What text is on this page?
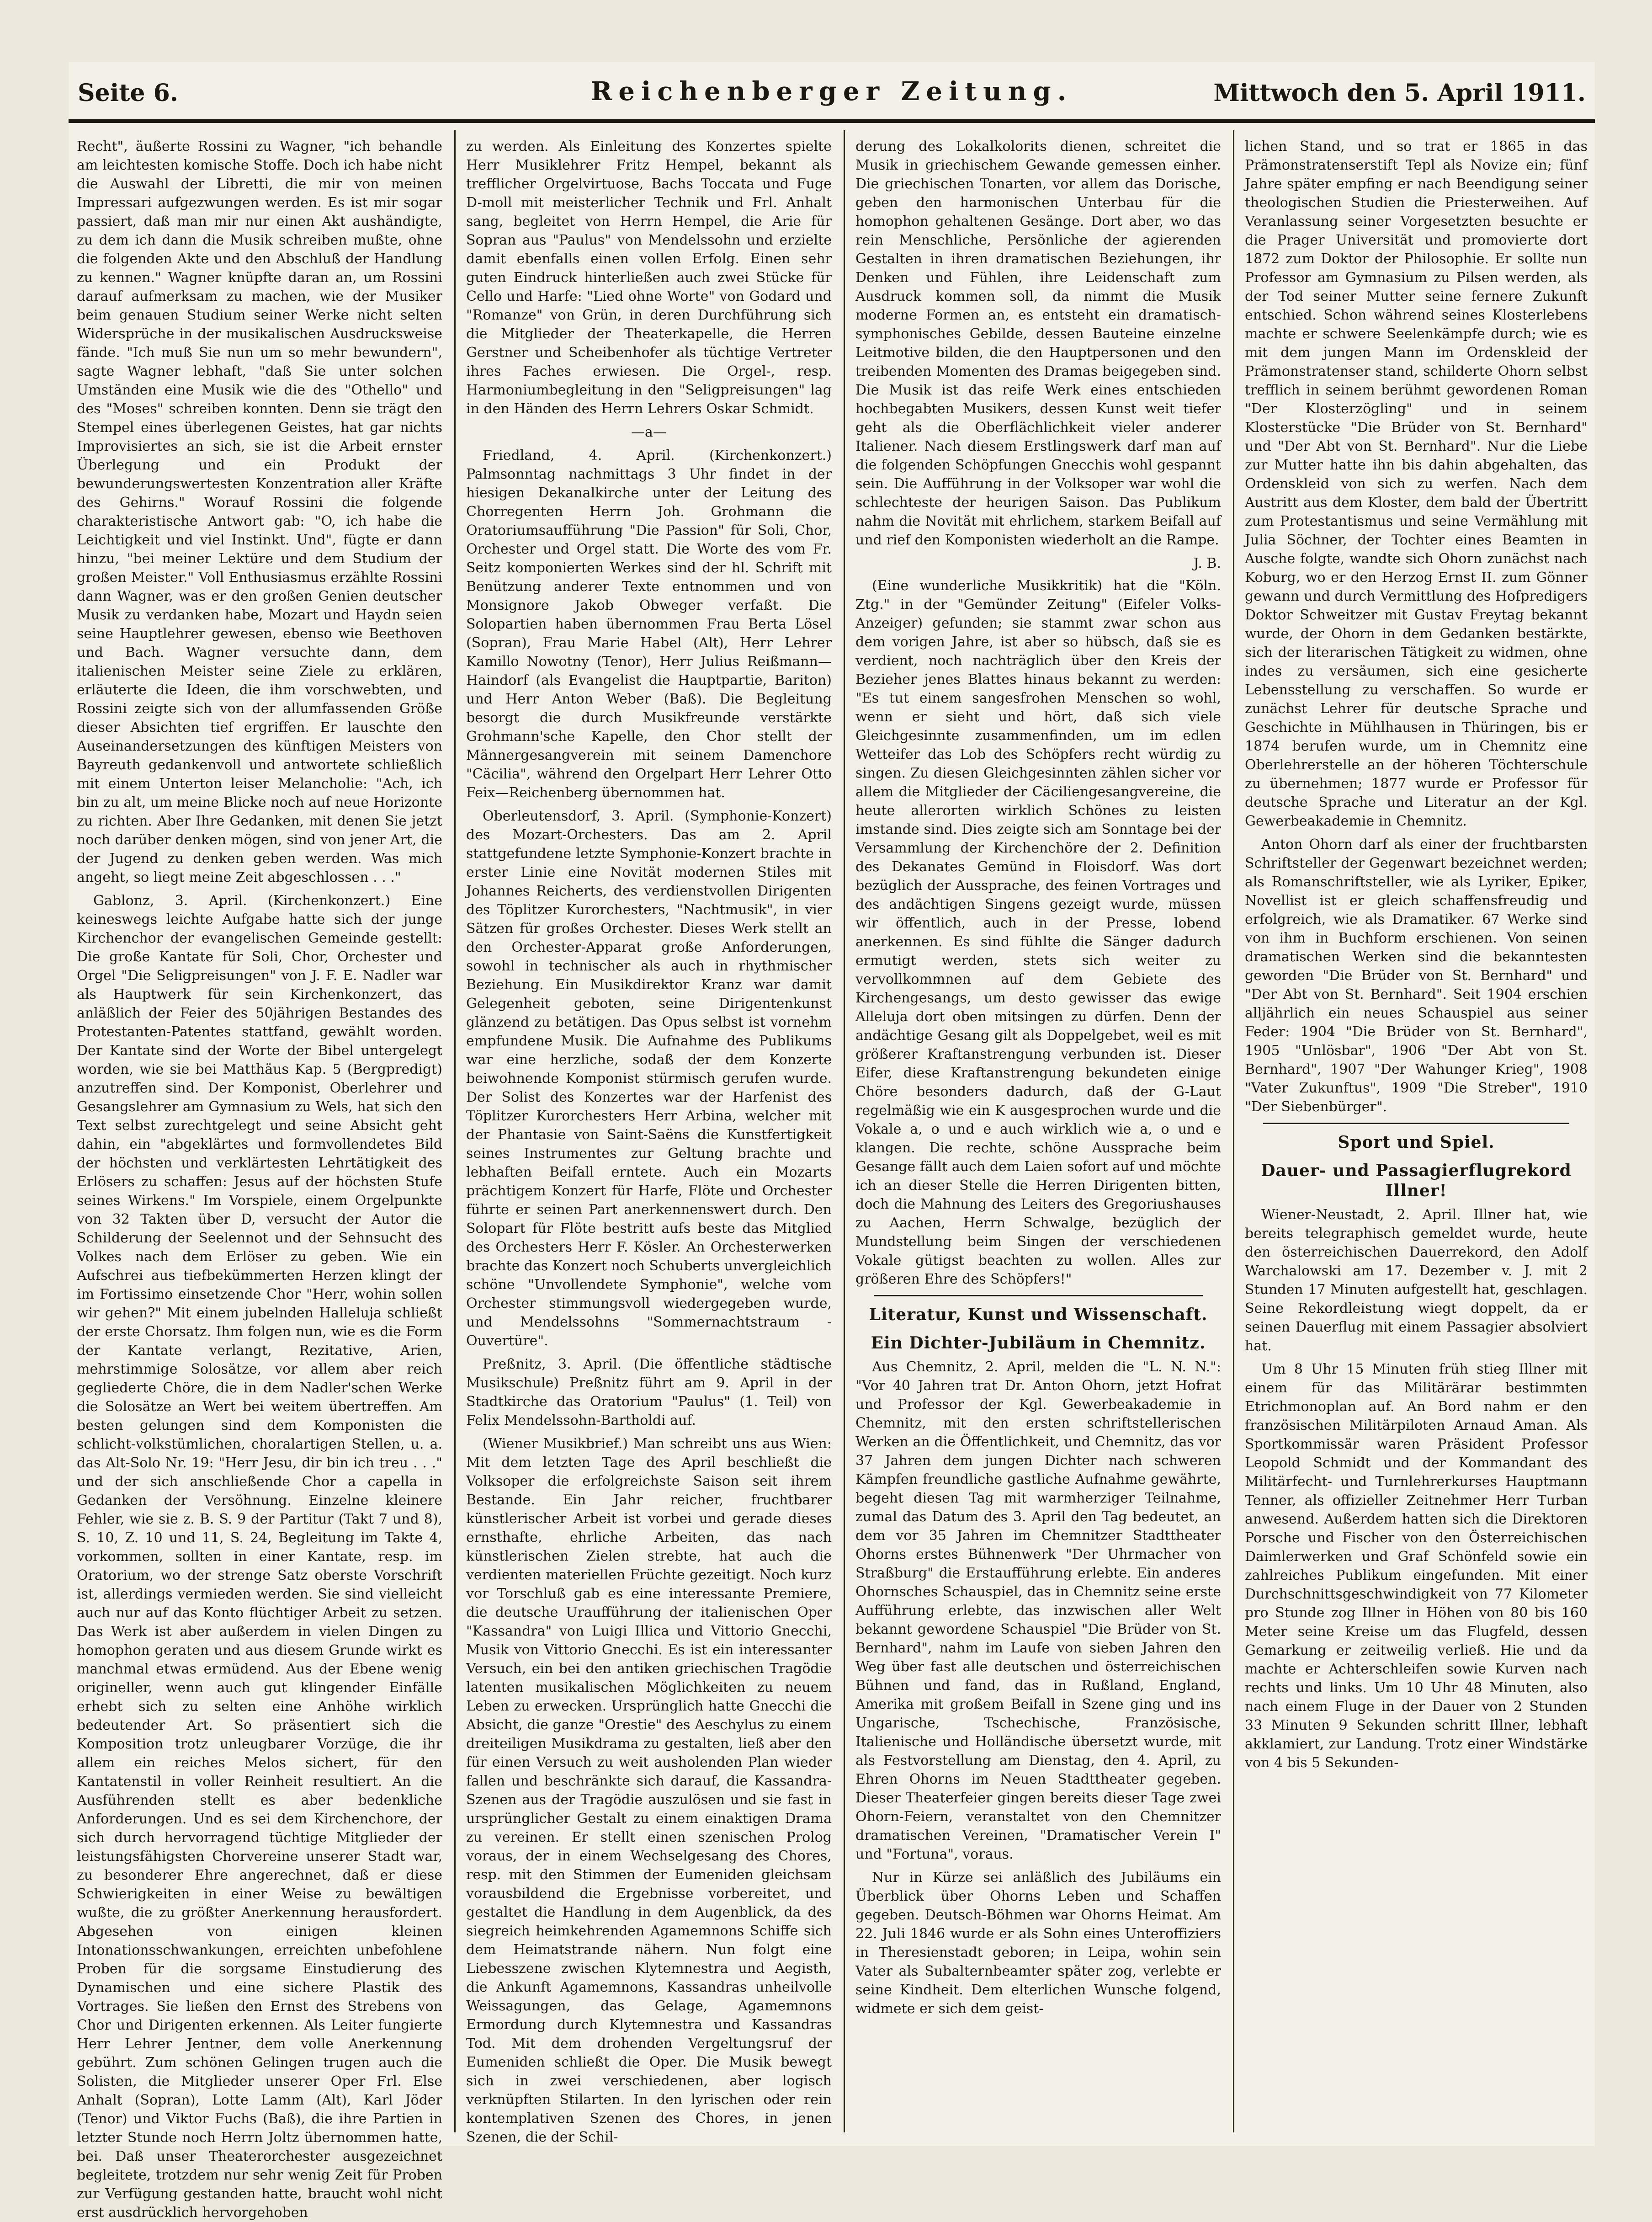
Seite 6.	Reichenberger Zeitung.	Mittwoch den 5. April 1911.

Recht", äußerte Rossini zu Wagner, "ich behandle am leichtesten komische Stoffe. Doch ich habe nicht die Auswahl der Libretti, die mir von meinen Impressari aufgezwungen werden. Es ist mir sogar passiert, daß man mir nur einen Akt aushändigte, zu dem ich dann die Musik schreiben mußte, ohne die folgenden Akte und den Abschluß der Handlung zu kennen." Wagner knüpfte daran an, um Rossini darauf aufmerksam zu machen, wie der Musiker beim genauen Studium seiner Werke nicht selten Widersprüche in der musikalischen Ausdrucksweise fände. "Ich muß Sie nun um so mehr bewundern", sagte Wagner lebhaft, "daß Sie unter solchen Umständen eine Musik wie die des "Othello" und des "Moses" schreiben konnten. Denn sie trägt den Stempel eines überlegenen Geistes, hat gar nichts Improvisiertes an sich, sie ist die Arbeit ernster Überlegung und ein Produkt der bewunderungswertesten Konzentration aller Kräfte des Gehirns." Worauf Rossini die folgende charakteristische Antwort gab: "O, ich habe die Leichtigkeit und viel Instinkt. Und", fügte er dann hinzu, "bei meiner Lektüre und dem Studium der großen Meister." Voll Enthusiasmus erzählte Rossini dann Wagner, was er den großen Genien deutscher Musik zu verdanken habe, Mozart und Haydn seien seine Hauptlehrer gewesen, ebenso wie Beethoven und Bach. Wagner versuchte dann, dem italienischen Meister seine Ziele zu erklären, erläuterte die Ideen, die ihm vorschwebten, und Rossini zeigte sich von der allumfassenden Größe dieser Absichten tief ergriffen. Er lauschte den Auseinandersetzungen des künftigen Meisters von Bayreuth gedankenvoll und antwortete schließlich mit einem Unterton leiser Melancholie: "Ach, ich bin zu alt, um meine Blicke noch auf neue Horizonte zu richten. Aber Ihre Gedanken, mit denen Sie jetzt noch darüber denken mögen, sind von jener Art, die der Jugend zu denken geben werden. Was mich angeht, so liegt meine Zeit abgeschlossen . . ."

Gablonz, 3. April. (Kirchenkonzert.) Eine keineswegs leichte Aufgabe hatte sich der junge Kirchenchor der evangelischen Gemeinde gestellt: Die große Kantate für Soli, Chor, Orchester und Orgel "Die Seligpreisungen" von J. F. E. Nadler war als Hauptwerk für sein Kirchenkonzert, das anläßlich der Feier des 50jährigen Bestandes des Protestanten-Patentes stattfand, gewählt worden. Der Kantate sind der Worte der Bibel untergelegt worden, wie sie bei Matthäus Kap. 5 (Bergpredigt) anzutreffen sind. Der Komponist, Oberlehrer und Gesangslehrer am Gymnasium zu Wels, hat sich den Text selbst zurechtgelegt und seine Absicht geht dahin, ein "abgeklärtes und formvollendetes Bild der höchsten und verklärtesten Lehrtätigkeit des Erlösers zu schaffen: Jesus auf der höchsten Stufe seines Wirkens." Im Vorspiele, einem Orgelpunkte von 32 Takten über D, versucht der Autor die Schilderung der Seelennot und der Sehnsucht des Volkes nach dem Erlöser zu geben. Wie ein Aufschrei aus tiefbekümmerten Herzen klingt der im Fortissimo einsetzende Chor "Herr, wohin sollen wir gehen?" Mit einem jubelnden Halleluja schließt der erste Chorsatz. Ihm folgen nun, wie es die Form der Kantate verlangt, Rezitative, Arien, mehrstimmige Solosätze, vor allem aber reich gegliederte Chöre, die in dem Nadler'schen Werke die Solosätze an Wert bei weitem übertreffen. Am besten gelungen sind dem Komponisten die schlicht-volkstümlichen, choralartigen Stellen, u. a. das Alt-Solo Nr. 19: "Herr Jesu, dir bin ich treu . . ." und der sich anschließende Chor a capella in Gedanken der Versöhnung. Einzelne kleinere Fehler, wie sie z. B. S. 9 der Partitur (Takt 7 und 8), S. 10, Z. 10 und 11, S. 24, Begleitung im Takte 4, vorkommen, sollten in einer Kantate, resp. im Oratorium, wo der strenge Satz oberste Vorschrift ist, allerdings vermieden werden. Sie sind vielleicht auch nur auf das Konto flüchtiger Arbeit zu setzen. Das Werk ist aber außerdem in vielen Dingen zu homophon geraten und aus diesem Grunde wirkt es manchmal etwas ermüdend. Aus der Ebene wenig origineller, wenn auch gut klingender Einfälle erhebt sich zu selten eine Anhöhe wirklich bedeutender Art. So präsentiert sich die Komposition trotz unleugbarer Vorzüge, die ihr allem ein reiches Melos sichert, für den Kantatenstil in voller Reinheit resultiert. An die Ausführenden stellt es aber bedenkliche Anforderungen. Und es sei dem Kirchenchore, der sich durch hervorragend tüchtige Mitglieder der leistungsfähigsten Chorvereine unserer Stadt war, zu besonderer Ehre angerechnet, daß er diese Schwierigkeiten in einer Weise zu bewältigen wußte, die zu größter Anerkennung herausfordert. Abgesehen von einigen kleinen Intonationsschwankungen, erreichten unbefohlene Proben für die sorgsame Einstudierung des Dynamischen und eine sichere Plastik des Vortrages. Sie ließen den Ernst des Strebens von Chor und Dirigenten erkennen. Als Leiter fungierte Herr Lehrer Jentner, dem volle Anerkennung gebührt. Zum schönen Gelingen trugen auch die Solisten, die Mitglieder unserer Oper Frl. Else Anhalt (Sopran), Lotte Lamm (Alt), Karl Jöder (Tenor) und Viktor Fuchs (Baß), die ihre Partien in letzter Stunde noch Herrn Joltz übernommen hatte, bei. Daß unser Theaterorchester ausgezeichnet begleitete, trotzdem nur sehr wenig Zeit für Proben zur Verfügung gestanden hatte, braucht wohl nicht erst ausdrücklich hervorgehoben

zu werden. Als Einleitung des Konzertes spielte Herr Musiklehrer Fritz Hempel, bekannt als trefflicher Orgelvirtuose, Bachs Toccata und Fuge D-moll mit meisterlicher Technik und Frl. Anhalt sang, begleitet von Herrn Hempel, die Arie für Sopran aus "Paulus" von Mendelssohn und erzielte damit ebenfalls einen vollen Erfolg. Einen sehr guten Eindruck hinterließen auch zwei Stücke für Cello und Harfe: "Lied ohne Worte" von Godard und "Romanze" von Grün, in deren Durchführung sich die Mitglieder der Theaterkapelle, die Herren Gerstner und Scheibenhofer als tüchtige Vertreter ihres Faches erwiesen. Die Orgel-, resp. Harmoniumbegleitung in den "Seligpreisungen" lag in den Händen des Herrn Lehrers Oskar Schmidt.

—a—

Friedland, 4. April. (Kirchenkonzert.) Palmsonntag nachmittags 3 Uhr findet in der hiesigen Dekanalkirche unter der Leitung des Chorregenten Herrn Joh. Grohmann die Oratoriumsaufführung "Die Passion" für Soli, Chor, Orchester und Orgel statt. Die Worte des vom Fr. Seitz komponierten Werkes sind der hl. Schrift mit Benützung anderer Texte entnommen und von Monsignore Jakob Obweger verfaßt. Die Solopartien haben übernommen Frau Berta Lösel (Sopran), Frau Marie Habel (Alt), Herr Lehrer Kamillo Nowotny (Tenor), Herr Julius Reißmann—Haindorf (als Evangelist die Hauptpartie, Bariton) und Herr Anton Weber (Baß). Die Begleitung besorgt die durch Musikfreunde verstärkte Grohmann'sche Kapelle, den Chor stellt der Männergesangverein mit seinem Damenchore "Cäcilia", während den Orgelpart Herr Lehrer Otto Feix—Reichenberg übernommen hat.

Oberleutensdorf, 3. April. (Symphonie-Konzert) des Mozart-Orchesters. Das am 2. April stattgefundene letzte Symphonie-Konzert brachte in erster Linie eine Novität modernen Stiles mit Johannes Reicherts, des verdienstvollen Dirigenten des Töplitzer Kurorchesters, "Nachtmusik", in vier Sätzen für großes Orchester. Dieses Werk stellt an den Orchester-Apparat große Anforderungen, sowohl in technischer als auch in rhythmischer Beziehung. Ein Musikdirektor Kranz war damit Gelegenheit geboten, seine Dirigentenkunst glänzend zu betätigen. Das Opus selbst ist vornehm empfundene Musik. Die Aufnahme des Publikums war eine herzliche, sodaß der dem Konzerte beiwohnende Komponist stürmisch gerufen wurde. Der Solist des Konzertes war der Harfenist des Töplitzer Kurorchesters Herr Arbina, welcher mit der Phantasie von Saint-Saëns die Kunstfertigkeit seines Instrumentes zur Geltung brachte und lebhaften Beifall erntete. Auch ein Mozarts prächtigem Konzert für Harfe, Flöte und Orchester führte er seinen Part anerkennenswert durch. Den Solopart für Flöte bestritt aufs beste das Mitglied des Orchesters Herr F. Kösler. An Orchesterwerken brachte das Konzert noch Schuberts unvergleichlich schöne "Unvollendete Symphonie", welche vom Orchester stimmungsvoll wiedergegeben wurde, und Mendelssohns "Sommernachtstraum - Ouvertüre".

Preßnitz, 3. April. (Die öffentliche städtische Musikschule) Preßnitz führt am 9. April in der Stadtkirche das Oratorium "Paulus" (1. Teil) von Felix Mendelssohn-Bartholdi auf.

(Wiener Musikbrief.) Man schreibt uns aus Wien: Mit dem letzten Tage des April beschließt die Volksoper die erfolgreichste Saison seit ihrem Bestande. Ein Jahr reicher, fruchtbarer künstlerischer Arbeit ist vorbei und gerade dieses ernsthafte, ehrliche Arbeiten, das nach künstlerischen Zielen strebte, hat auch die verdienten materiellen Früchte gezeitigt. Noch kurz vor Torschluß gab es eine interessante Premiere, die deutsche Uraufführung der italienischen Oper "Kassandra" von Luigi Illica und Vittorio Gnecchi, Musik von Vittorio Gnecchi. Es ist ein interessanter Versuch, ein bei den antiken griechischen Tragödie latenten musikalischen Möglichkeiten zu neuem Leben zu erwecken. Ursprünglich hatte Gnecchi die Absicht, die ganze "Orestie" des Aeschylus zu einem dreiteiligen Musikdrama zu gestalten, ließ aber den für einen Versuch zu weit ausholenden Plan wieder fallen und beschränkte sich darauf, die Kassandra-Szenen aus der Tragödie auszulösen und sie fast in ursprünglicher Gestalt zu einem einaktigen Drama zu vereinen. Er stellt einen szenischen Prolog voraus, der in einem Wechselgesang des Chores, resp. mit den Stimmen der Eumeniden gleichsam vorausbildend die Ergebnisse vorbereitet, und gestaltet die Handlung in dem Augenblick, da des siegreich heimkehrenden Agamemnons Schiffe sich dem Heimatstrande nähern. Nun folgt eine Liebesszene zwischen Klytemnestra und Aegisth, die Ankunft Agamemnons, Kassandras unheilvolle Weissagungen, das Gelage, Agamemnons Ermordung durch Klytemnestra und Kassandras Tod. Mit dem drohenden Vergeltungsruf der Eumeniden schließt die Oper. Die Musik bewegt sich in zwei verschiedenen, aber logisch verknüpften Stilarten. In den lyrischen oder rein kontemplativen Szenen des Chores, in jenen Szenen, die der Schil-

derung des Lokalkolorits dienen, schreitet die Musik in griechischem Gewande gemessen einher. Die griechischen Tonarten, vor allem das Dorische, geben den harmonischen Unterbau für die homophon gehaltenen Gesänge. Dort aber, wo das rein Menschliche, Persönliche der agierenden Gestalten in ihren dramatischen Beziehungen, ihr Denken und Fühlen, ihre Leidenschaft zum Ausdruck kommen soll, da nimmt die Musik moderne Formen an, es entsteht ein dramatisch-symphonisches Gebilde, dessen Bauteine einzelne Leitmotive bilden, die den Hauptpersonen und den treibenden Momenten des Dramas beigegeben sind. Die Musik ist das reife Werk eines entschieden hochbegabten Musikers, dessen Kunst weit tiefer geht als die Oberflächlichkeit vieler anderer Italiener. Nach diesem Erstlingswerk darf man auf die folgenden Schöpfungen Gnecchis wohl gespannt sein. Die Aufführung in der Volksoper war wohl die schlechteste der heurigen Saison. Das Publikum nahm die Novität mit ehrlichem, starkem Beifall auf und rief den Komponisten wiederholt an die Rampe.

J. B.

(Eine wunderliche Musikkritik) hat die "Köln. Ztg." in der "Gemünder Zeitung" (Eifeler Volks-Anzeiger) gefunden; sie stammt zwar schon aus dem vorigen Jahre, ist aber so hübsch, daß sie es verdient, noch nachträglich über den Kreis der Bezieher jenes Blattes hinaus bekannt zu werden: "Es tut einem sangesfrohen Menschen so wohl, wenn er sieht und hört, daß sich viele Gleichgesinnte zusammenfinden, um im edlen Wetteifer das Lob des Schöpfers recht würdig zu singen. Zu diesen Gleichgesinnten zählen sicher vor allem die Mitglieder der Cäciliengesangvereine, die heute allerorten wirklich Schönes zu leisten imstande sind. Dies zeigte sich am Sonntage bei der Versammlung der Kirchenchöre der 2. Definition des Dekanates Gemünd in Floisdorf. Was dort bezüglich der Aussprache, des feinen Vortrages und des andächtigen Singens gezeigt wurde, müssen wir öffentlich, auch in der Presse, lobend anerkennen. Es sind fühlte die Sänger dadurch ermutigt werden, stets sich weiter zu vervollkommnen auf dem Gebiete des Kirchengesangs, um desto gewisser das ewige Alleluja dort oben mitsingen zu dürfen. Denn der andächtige Gesang gilt als Doppelgebet, weil es mit größerer Kraftanstrengung verbunden ist. Dieser Eifer, diese Kraftanstrengung bekundeten einige Chöre besonders dadurch, daß der G-Laut regelmäßig wie ein K ausgesprochen wurde und die Vokale a, o und e auch wirklich wie a, o und e klangen. Die rechte, schöne Aussprache beim Gesange fällt auch dem Laien sofort auf und möchte ich an dieser Stelle die Herren Dirigenten bitten, doch die Mahnung des Leiters des Gregoriushauses zu Aachen, Herrn Schwalge, bezüglich der Mundstellung beim Singen der verschiedenen Vokale gütigst beachten zu wollen. Alles zur größeren Ehre des Schöpfers!"

Literatur, Kunst und Wissenschaft.
Ein Dichter-Jubiläum in Chemnitz.

Aus Chemnitz, 2. April, melden die "L. N. N.": "Vor 40 Jahren trat Dr. Anton Ohorn, jetzt Hofrat und Professor der Kgl. Gewerbeakademie in Chemnitz, mit den ersten schriftstellerischen Werken an die Öffentlichkeit, und Chemnitz, das vor 37 Jahren dem jungen Dichter nach schweren Kämpfen freundliche gastliche Aufnahme gewährte, begeht diesen Tag mit warmherziger Teilnahme, zumal das Datum des 3. April den Tag bedeutet, an dem vor 35 Jahren im Chemnitzer Stadttheater Ohorns erstes Bühnenwerk "Der Uhrmacher von Straßburg" die Erstaufführung erlebte. Ein anderes Ohornsches Schauspiel, das in Chemnitz seine erste Aufführung erlebte, das inzwischen aller Welt bekannt gewordene Schauspiel "Die Brüder von St. Bernhard", nahm im Laufe von sieben Jahren den Weg über fast alle deutschen und österreichischen Bühnen und fand, das in Rußland, England, Amerika mit großem Beifall in Szene ging und ins Ungarische, Tschechische, Französische, Italienische und Holländische übersetzt wurde, mit als Festvorstellung am Dienstag, den 4. April, zu Ehren Ohorns im Neuen Stadttheater gegeben. Dieser Theaterfeier gingen bereits dieser Tage zwei Ohorn-Feiern, veranstaltet von den Chemnitzer dramatischen Vereinen, "Dramatischer Verein I" und "Fortuna", voraus.

Nur in Kürze sei anläßlich des Jubiläums ein Überblick über Ohorns Leben und Schaffen gegeben. Deutsch-Böhmen war Ohorns Heimat. Am 22. Juli 1846 wurde er als Sohn eines Unteroffiziers in Theresienstadt geboren; in Leipa, wohin sein Vater als Subalternbeamter später zog, verlebte er seine Kindheit. Dem elterlichen Wunsche folgend, widmete er sich dem geist-

lichen Stand, und so trat er 1865 in das Prämonstratenserstift Tepl als Novize ein; fünf Jahre später empfing er nach Beendigung seiner theologischen Studien die Priesterweihen. Auf Veranlassung seiner Vorgesetzten besuchte er die Prager Universität und promovierte dort 1872 zum Doktor der Philosophie. Er sollte nun Professor am Gymnasium zu Pilsen werden, als der Tod seiner Mutter seine fernere Zukunft entschied. Schon während seines Klosterlebens machte er schwere Seelenkämpfe durch; wie es mit dem jungen Mann im Ordenskleid der Prämonstratenser stand, schilderte Ohorn selbst trefflich in seinem berühmt gewordenen Roman "Der Klosterzögling" und in seinem Klosterstücke "Die Brüder von St. Bernhard" und "Der Abt von St. Bernhard". Nur die Liebe zur Mutter hatte ihn bis dahin abgehalten, das Ordenskleid von sich zu werfen. Nach dem Austritt aus dem Kloster, dem bald der Übertritt zum Protestantismus und seine Vermählung mit Julia Söchner, der Tochter eines Beamten in Ausche folgte, wandte sich Ohorn zunächst nach Koburg, wo er den Herzog Ernst II. zum Gönner gewann und durch Vermittlung des Hofpredigers Doktor Schweitzer mit Gustav Freytag bekannt wurde, der Ohorn in dem Gedanken bestärkte, sich der literarischen Tätigkeit zu widmen, ohne indes zu versäumen, sich eine gesicherte Lebensstellung zu verschaffen. So wurde er zunächst Lehrer für deutsche Sprache und Geschichte in Mühlhausen in Thüringen, bis er 1874 berufen wurde, um in Chemnitz eine Oberlehrerstelle an der höheren Töchterschule zu übernehmen; 1877 wurde er Professor für deutsche Sprache und Literatur an der Kgl. Gewerbeakademie in Chemnitz.

Anton Ohorn darf als einer der fruchtbarsten Schriftsteller der Gegenwart bezeichnet werden; als Romanschriftsteller, wie als Lyriker, Epiker, Novellist ist er gleich schaffensfreudig und erfolgreich, wie als Dramatiker. 67 Werke sind von ihm in Buchform erschienen. Von seinen dramatischen Werken sind die bekanntesten geworden "Die Brüder von St. Bernhard" und "Der Abt von St. Bernhard". Seit 1904 erschien alljährlich ein neues Schauspiel aus seiner Feder: 1904 "Die Brüder von St. Bernhard", 1905 "Unlösbar", 1906 "Der Abt von St. Bernhard", 1907 "Der Wahunger Krieg", 1908 "Vater Zukunftus", 1909 "Die Streber", 1910 "Der Siebenbürger".

Sport und Spiel.
Dauer- und Passagierflugrekord Illner!

Wiener-Neustadt, 2. April. Illner hat, wie bereits telegraphisch gemeldet wurde, heute den österreichischen Dauerrekord, den Adolf Warchalowski am 17. Dezember v. J. mit 2 Stunden 17 Minuten aufgestellt hat, geschlagen. Seine Rekordleistung wiegt doppelt, da er seinen Dauerflug mit einem Passagier absolviert hat.

Um 8 Uhr 15 Minuten früh stieg Illner mit einem für das Militärärar bestimmten Etrichmonoplan auf. An Bord nahm er den französischen Militärpiloten Arnaud Aman. Als Sportkommissär waren Präsident Professor Leopold Schmidt und der Kommandant des Militärfecht- und Turnlehrerkurses Hauptmann Tenner, als offizieller Zeitnehmer Herr Turban anwesend. Außerdem hatten sich die Direktoren Porsche und Fischer von den Österreichischen Daimlerwerken und Graf Schönfeld sowie ein zahlreiches Publikum eingefunden. Mit einer Durchschnittsgeschwindigkeit von 77 Kilometer pro Stunde zog Illner in Höhen von 80 bis 160 Meter seine Kreise um das Flugfeld, dessen Gemarkung er zeitweilig verließ. Hie und da machte er Achterschleifen sowie Kurven nach rechts und links. Um 10 Uhr 48 Minuten, also nach einem Fluge in der Dauer von 2 Stunden 33 Minuten 9 Sekunden schritt Illner, lebhaft akklamiert, zur Landung. Trotz einer Windstärke von 4 bis 5 Sekunden-
